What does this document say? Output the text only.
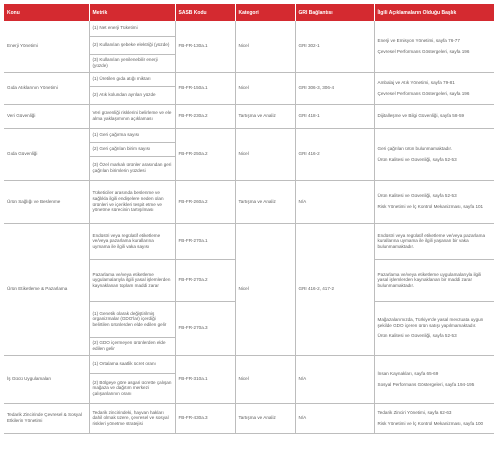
Konu	Metrik	SASB Kodu	Kategori	GRI Bağlantısı	İlgili Açıklamaların Olduğu Başlık
Enerji Yönetimi	(1) Net enerji Tüketimi	FB-FR-130a.1	Nicel	GRI 302-1	Enerji ve Emisyon Yönetimi, sayfa 76-77
Çevresel Performans Göstergeleri, sayfa 196

	(2) Kullanılan şebeke elektriği (yüzde)				
	(3) Kullanılan yenilenebilir enerji (yüzde)				
Gıda Atıklarının Yönetimi	(1) Üretilen gıda atığı miktarı	FB-FR-150a.1	Nicel	GRI 306-3, 306-4	Ambalaj ve Atık Yönetimi, sayfa 79-81
Çevresel Performans Göstergeleri, sayfa 196

	(2) Atık kolundan ayrılan yüzde				
Veri Güvenliği	Veri güvenliği risklerini belirleme ve ele alma yaklaşımının açıklaması	FB-FR-230a.2	Tartışma ve Analiz	GRI 418-1	Dijitalleşme ve Bilgi Güvenliği, sayfa 58-59
Gıda Güvenliği	(1) Geri çağırma sayısı	FB-FR-250a.2	Nicel	GRI 416-2	Geri çağrılan ürün bulunmamaktadır.
Ürün Kalitesi ve Güvenliği, sayfa 52-53

	(2) Geri çağrılan birim sayısı				
	(3) Özel markalı ürünler arasından geri çağrılan birimlerin yüzdesi				
Ürün Sağlığı ve Beslenme	Tüketiciler arasında beslenme ve sağlıkla ilgili endişelere neden olan ürünleri ve içerikleri tespit etme ve yönetme sürecinin tartışılması	FB-FR-260a.2	Tartışma ve Analiz	N/A	Ürün Kalitesi ve Güvenliği, sayfa 52-53
Risk Yönetimi ve İç Kontrol Mekanizması, sayfa 101

Ürün Etiketleme & Pazarlama	Endüstri veya regülatif etiketleme ve/veya pazarlama kurallarına uymama ile ilgili vaka sayısı	FB-FR-270a.1	Nicel	GRI 416-2, 417-2	Endüstri veya regülatif etiketleme ve/veya pazarlama kurallarına uymama ile ilgili yaşanan bir vaka bulunmamaktadır.
	Pazarlama ve/veya etiketleme uygulamalarıyla ilgili yasal işlemlerden kaynaklanan toplam maddi zarar	FB-FR-270a.2			Pazarlama ve/veya etiketleme uygulamalarıyla ilgili yasal işlemlerden kaynaklanan bir maddi zarar bulunmamaktadır.
	(1) Genetik olarak değiştirilmiş organizmalar (GDO'lar) içerdiği belirtilen ürünlerden elde edilen gelir	FB-FR-270a.3			Mağazalarımızda, Türkiye'de yasal mevzuata uygun şekilde GDO içeren ürün satışı yapılmamaktadır.
Ürün Kalitesi ve Güvenliği, sayfa 52-53

	(2) GDO içermeyen ürünlerden elde edilen gelir				
İş Gücü Uygulamaları	(1) Ortalama saatlik ücret oranı	FB-FR-310a.1	Nicel	N/A	İnsan Kaynakları, sayfa 65-69
Sosyal Performans Göstergeleri, sayfa 194-195

	(2) Bölgeye göre asgari ücrette çalışan mağaza ve dağıtım merkezi çalışanlarının oranı				
Tedarik Zincirinde Çevresel & Sosyal Etkilerin Yönetimi	Tedarik zincirindeki, hayvan hakları dahil olmak üzere, çevresel ve sosyal riskleri yönetme stratejisi	FB-FR-430a.3	Tartışma ve Analiz	N/A	Tedarik Zinciri Yönetimi, sayfa 62-63
Risk Yönetimi ve İç Kontrol Mekanizması, sayfa 100
